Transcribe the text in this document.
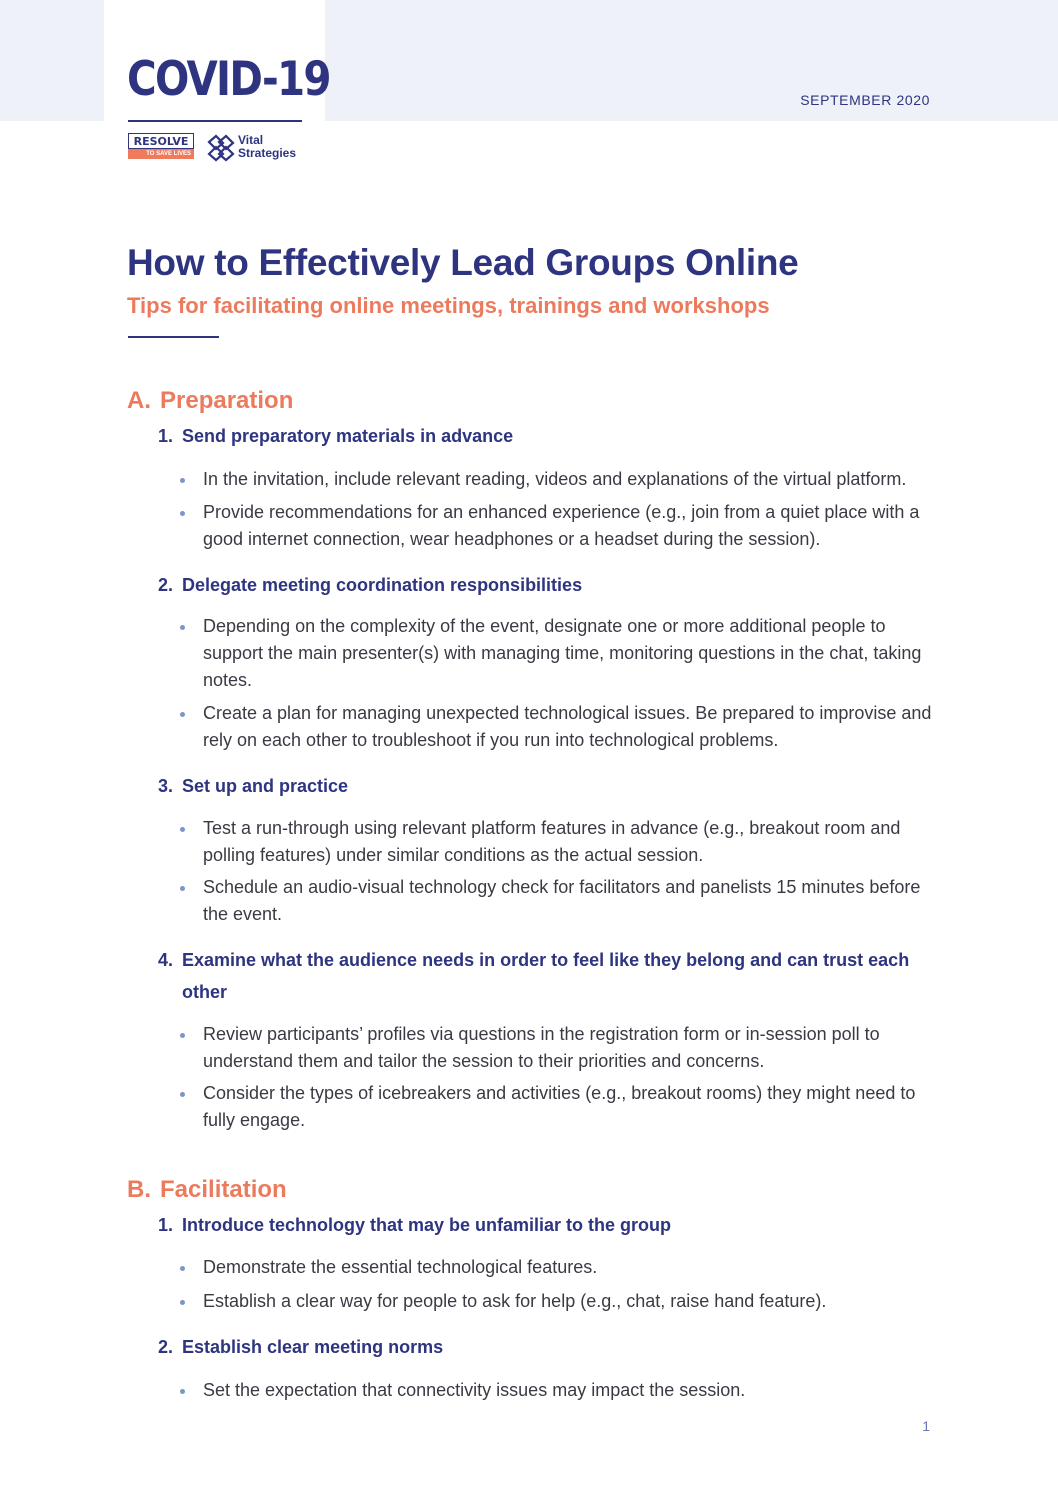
COVID-19
RESOLVE
TO SAVE LIVES
Vital
Strategies
SEPTEMBER 2020
How to Effectively Lead Groups Online
Tips for facilitating online meetings, trainings and workshops
A. Preparation
1. Send preparatory materials in advance

In the invitation, include relevant reading, videos and explanations of the virtual platform.

Provide recommendations for an enhanced experience (e.g., join from a quiet place with a good internet connection, wear headphones or a headset during the session).

2. Delegate meeting coordination responsibilities

Depending on the complexity of the event, designate one or more additional people to support the main presenter(s) with managing time, monitoring questions in the chat, taking notes.

Create a plan for managing unexpected technological issues. Be prepared to improvise and rely on each other to troubleshoot if you run into technological problems.

3. Set up and practice

Test a run-through using relevant platform features in advance (e.g., breakout room and polling features) under similar conditions as the actual session.

Schedule an audio-visual technology check for facilitators and panelists 15 minutes before the event.

4. Examine what the audience needs in order to feel like they belong and can trust each other

Review participants’ profiles via questions in the registration form or in-session poll to understand them and tailor the session to their priorities and concerns.

Consider the types of icebreakers and activities (e.g., breakout rooms) they might need to fully engage.

B. Facilitation
1. Introduce technology that may be unfamiliar to the group

Demonstrate the essential technological features.

Establish a clear way for people to ask for help (e.g., chat, raise hand feature).

2. Establish clear meeting norms

Set the expectation that connectivity issues may impact the session.

1
